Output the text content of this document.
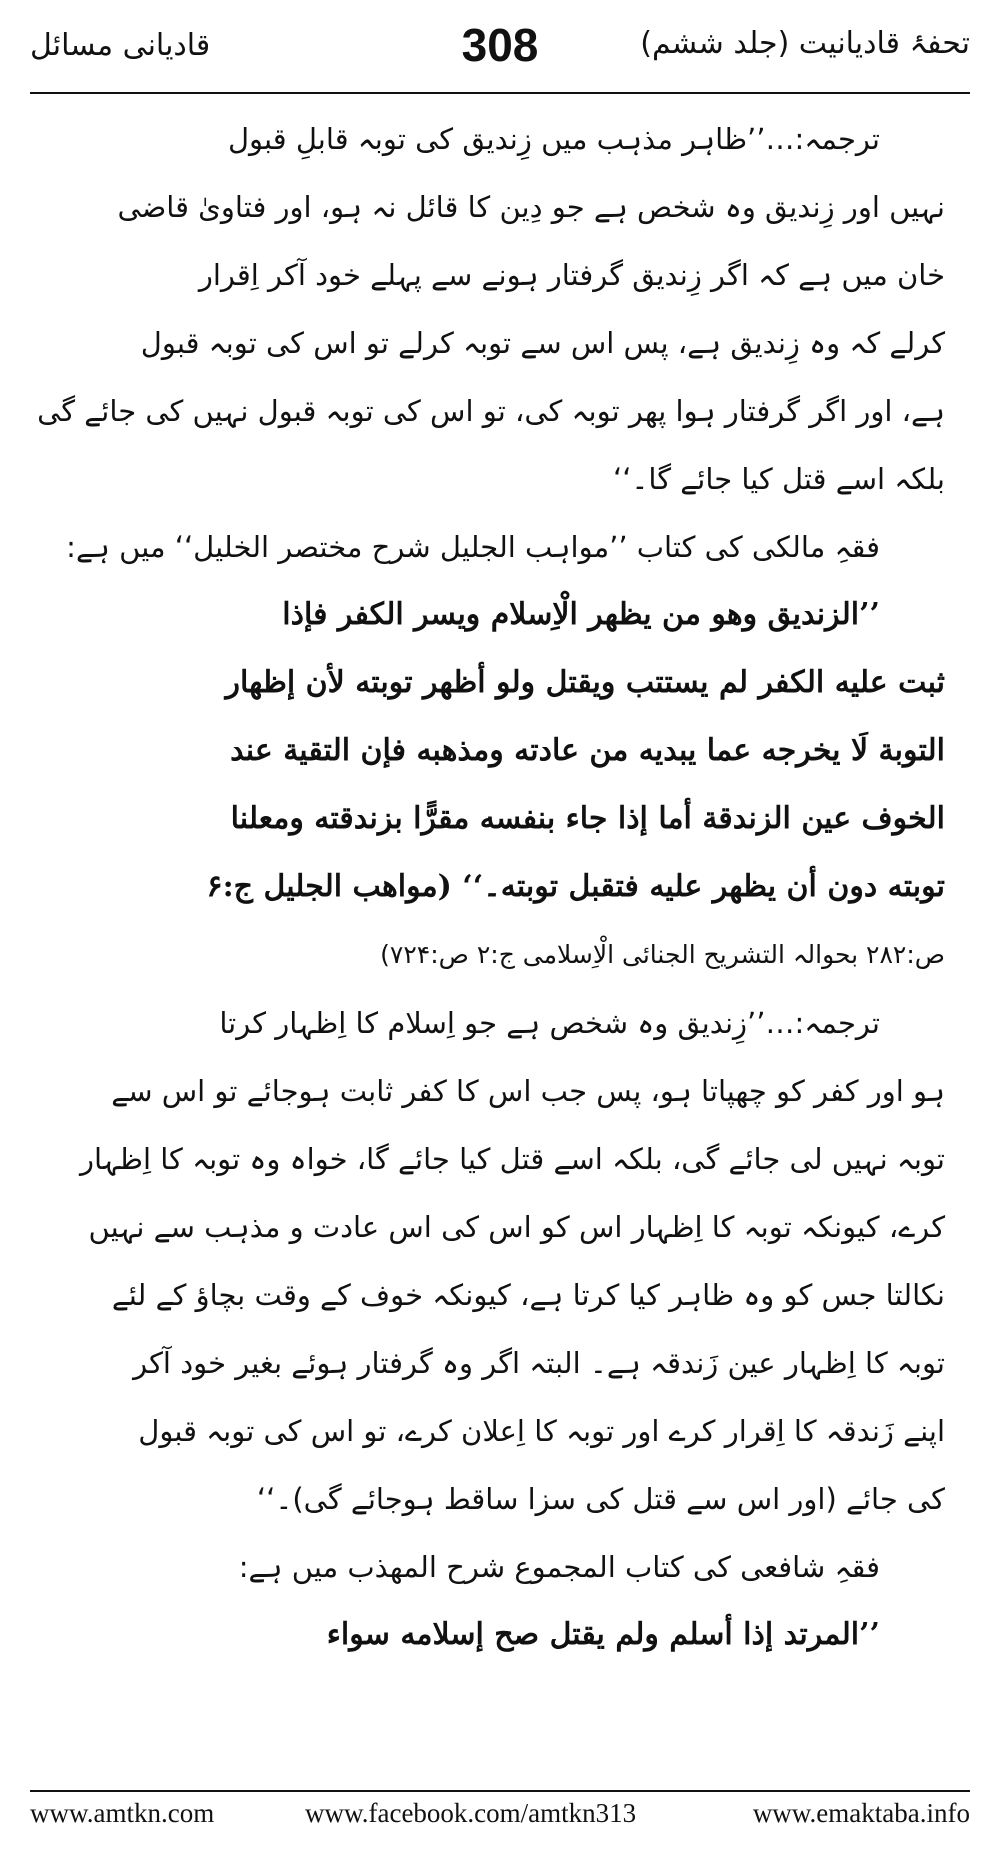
تحفۂ قادیانیت (جلد ششم)
308
قادیانی مسائل
ترجمہ:…’’ظاہر مذہب میں زِندیق کی توبہ قابلِ قبول
نہیں اور زِندیق وہ شخص ہے جو دِین کا قائل نہ ہو، اور فتاویٰ قاضی
خان میں ہے کہ اگر زِندیق گرفتار ہونے سے پہلے خود آکر اِقرار
کرلے کہ وہ زِندیق ہے، پس اس سے توبہ کرلے تو اس کی توبہ قبول
ہے، اور اگر گرفتار ہوا پھر توبہ کی، تو اس کی توبہ قبول نہیں کی جائے گی
بلکہ اسے قتل کیا جائے گا۔‘‘
فقہِ مالکی کی کتاب ’’مواہب الجلیل شرح مختصر الخلیل‘‘ میں ہے:
’’الزندیق وھو من یظھر الْاِسلام ویسر الکفر فإذا
ثبت علیه الکفر لم یستتب ویقتل ولو أظھر توبته لأن إظھار
التوبة لَا یخرجه عما یبدیه من عادته ومذھبه فإن التقیة عند
الخوف عین الزندقة أما إذا جاء بنفسه مقرًّا بزندقته ومعلنا
توبته دون أن یظھر علیه فتقبل توبته۔‘‘ (مواھب الجلیل ج:۶
ص:۲۸۲ بحوالہ التشریح الجنائی الْاِسلامی ج:۲ ص:۷۲۴)
ترجمہ:…’’زِندیق وہ شخص ہے جو اِسلام کا اِظہار کرتا
ہو اور کفر کو چھپاتا ہو، پس جب اس کا کفر ثابت ہوجائے تو اس سے
توبہ نہیں لی جائے گی، بلکہ اسے قتل کیا جائے گا، خواہ وہ توبہ کا اِظہار
کرے، کیونکہ توبہ کا اِظہار اس کو اس کی اس عادت و مذہب سے نہیں
نکالتا جس کو وہ ظاہر کیا کرتا ہے، کیونکہ خوف کے وقت بچاؤ کے لئے
توبہ کا اِظہار عین زَندقہ ہے۔ البتہ اگر وہ گرفتار ہوئے بغیر خود آکر
اپنے زَندقہ کا اِقرار کرے اور توبہ کا اِعلان کرے، تو اس کی توبہ قبول
کی جائے (اور اس سے قتل کی سزا ساقط ہوجائے گی)۔‘‘
فقہِ شافعی کی کتاب المجموع شرح المھذب میں ہے:
’’المرتد إذا أسلم ولم یقتل صح إسلامه سواء
www.amtkn.com	www.facebook.com/amtkn313	www.emaktaba.info
